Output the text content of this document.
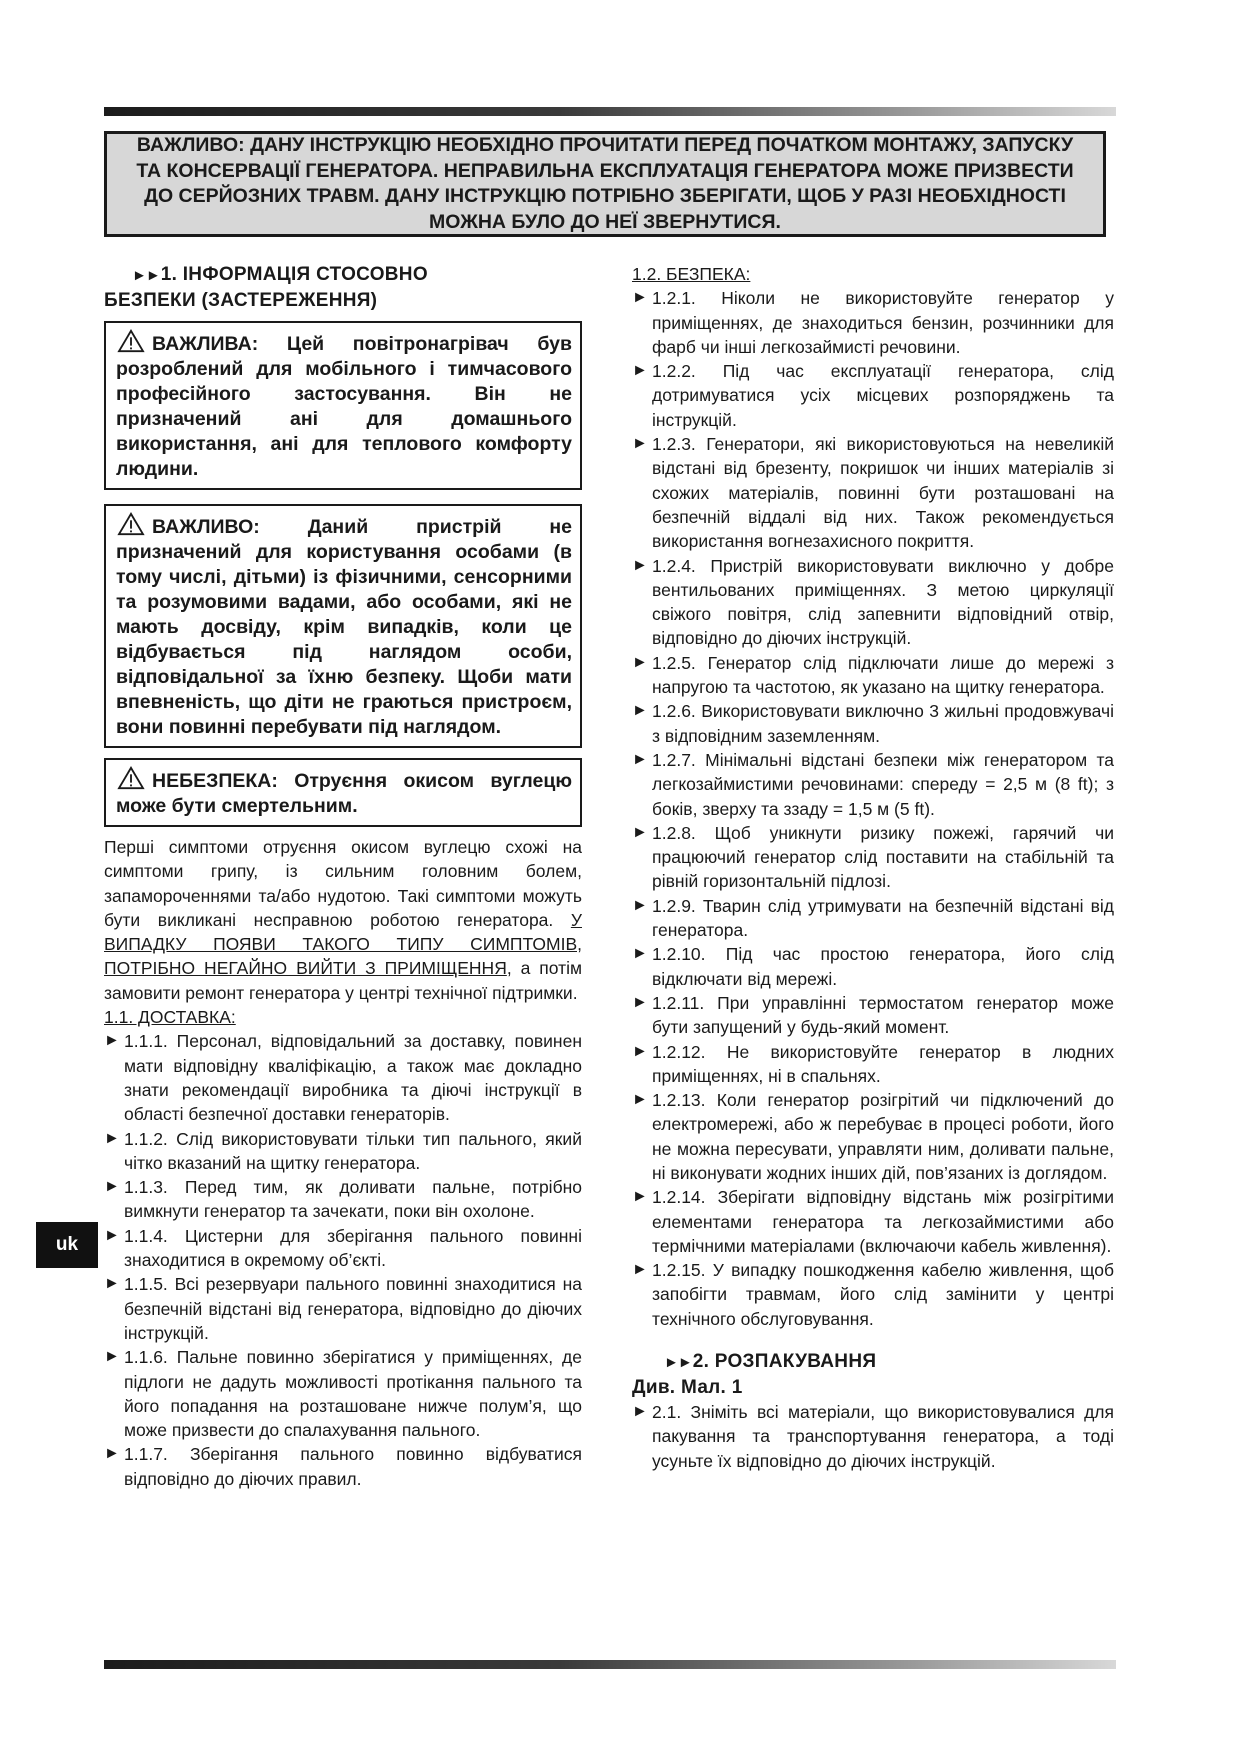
ВАЖЛИВО: ДАНУ ІНСТРУКЦІЮ НЕОБХІДНО ПРОЧИТАТИ ПЕРЕД ПОЧАТКОМ МОНТАЖУ, ЗАПУСКУ ТА КОНСЕРВАЦІЇ ГЕНЕРАТОРА. НЕПРАВИЛЬНА ЕКСПЛУАТАЦІЯ ГЕНЕРАТОРА МОЖЕ ПРИЗВЕСТИ ДО СЕРЙОЗНИХ ТРАВМ. ДАНУ ІНСТРУКЦІЮ ПОТРІБНО ЗБЕРІГАТИ, ЩОБ У РАЗІ НЕОБХІДНОСТІ МОЖНА БУЛО ДО НЕЇ ЗВЕРНУТИСЯ.
►►1. ІНФОРМАЦІЯ СТОСОВНО
БЕЗПЕКИ (ЗАСТЕРЕЖЕННЯ)
ВАЖЛИВА: Цей повітронагрівач був розроблений для мобільного і тимчасового професійного застосування. Він не призначений ані для домашнього використання, ані для теплового комфорту людини.
ВАЖЛИВО: Даний пристрій не призначений для користування особами (в тому числі, дітьми) із фізичними, сенсорними та розумовими вадами, або особами, які не мають досвіду, крім випадків, коли це відбувається під наглядом особи, відповідальної за їхню безпеку. Щоби мати впевненість, що діти не граються пристроєм, вони повинні перебувати під наглядом.
НЕБЕЗПЕКА: Отруєння окисом вуглецю може бути смертельним.
Перші симптоми отруєння окисом вуглецю схожі на симптоми грипу, із сильним головним болем, запамороченнями та/або нудотою. Такі симптоми можуть бути викликані несправною роботою генератора. У ВИПАДКУ ПОЯВИ ТАКОГО ТИПУ СИМПТОМІВ, ПОТРІБНО НЕГАЙНО ВИЙТИ З ПРИМІЩЕННЯ, а потім замовити ремонт генератора у центрі технічної підтримки.
1.1. ДОСТАВКА:
► 1.1.1. Персонал, відповідальний за доставку, повинен мати відповідну кваліфікацію, а також має докладно знати рекомендації виробника та діючі інструкції в області безпечної доставки генераторів.
► 1.1.2. Слід використовувати тільки тип пального, який чітко вказаний на щитку генератора.
► 1.1.3. Перед тим, як доливати пальне, потрібно вимкнути генератор та зачекати, поки він охолоне.
► 1.1.4. Цистерни для зберігання пального повинні знаходитися в окремому об’єкті.
► 1.1.5. Всі резервуари пального повинні знаходитися на безпечній відстані від генератора, відповідно до діючих інструкцій.
► 1.1.6. Пальне повинно зберігатися у приміщеннях, де підлоги не дадуть можливості протікання пального та його попадання на розташоване нижче полум’я, що може призвести до спалахування пального.
► 1.1.7. Зберігання пального повинно відбуватися відповідно до діючих правил.
1.2. БЕЗПЕКА:
► 1.2.1. Ніколи не використовуйте генератор у приміщеннях, де знаходиться бензин, розчинники для фарб чи інші легкозаймисті речовини.
► 1.2.2. Під час експлуатації генератора, слід дотримуватися усіх місцевих розпоряджень та інструкцій.
► 1.2.3. Генератори, які використовуються на невеликій відстані від брезенту, покришок чи інших матеріалів зі схожих матеріалів, повинні бути розташовані на безпечній віддалі від них. Також рекомендується використання вогнезахисного покриття.
► 1.2.4. Пристрій використовувати виключно у добре вентильованих приміщеннях. З метою циркуляції свіжого повітря, слід запевнити відповідний отвір, відповідно до діючих інструкцій.
► 1.2.5. Генератор слід підключати лише до мережі з напругою та частотою, як указано на щитку генератора.
► 1.2.6. Використовувати виключно 3 жильні продовжувачі з відповідним заземленням.
► 1.2.7. Мінімальні відстані безпеки між генератором та легкозаймистими речовинами: спереду = 2,5 м (8 ft); з боків, зверху та ззаду = 1,5 м (5 ft).
► 1.2.8. Щоб уникнути ризику пожежі, гарячий чи працюючий генератор слід поставити на стабільній та рівній горизонтальній підлозі.
► 1.2.9. Тварин слід утримувати на безпечній відстані від генератора.
► 1.2.10. Під час простою генератора, його слід відключати від мережі.
► 1.2.11. При управлінні термостатом генератор може бути запущений у будь-який момент.
► 1.2.12. Не використовуйте генератор в людних приміщеннях, ні в спальнях.
► 1.2.13. Коли генератор розігрітий чи підключений до електромережі, або ж перебуває в процесі роботи, його не можна пересувати, управляти ним, доливати пальне, ні виконувати жодних інших дій, пов’язаних із доглядом.
► 1.2.14. Зберігати відповідну відстань між розігрітими елементами генератора та легкозаймистими або термічними матеріалами (включаючи кабель живлення).
► 1.2.15. У випадку пошкодження кабелю живлення, щоб запобігти травмам, його слід замінити у центрі технічного обслуговування.
►►2. РОЗПАКУВАННЯ
Див. Мал. 1
► 2.1. Зніміть всі матеріали, що використовувалися для пакування та транспортування генератора, а тоді усуньте їх відповідно до діючих інструкцій.
uk
